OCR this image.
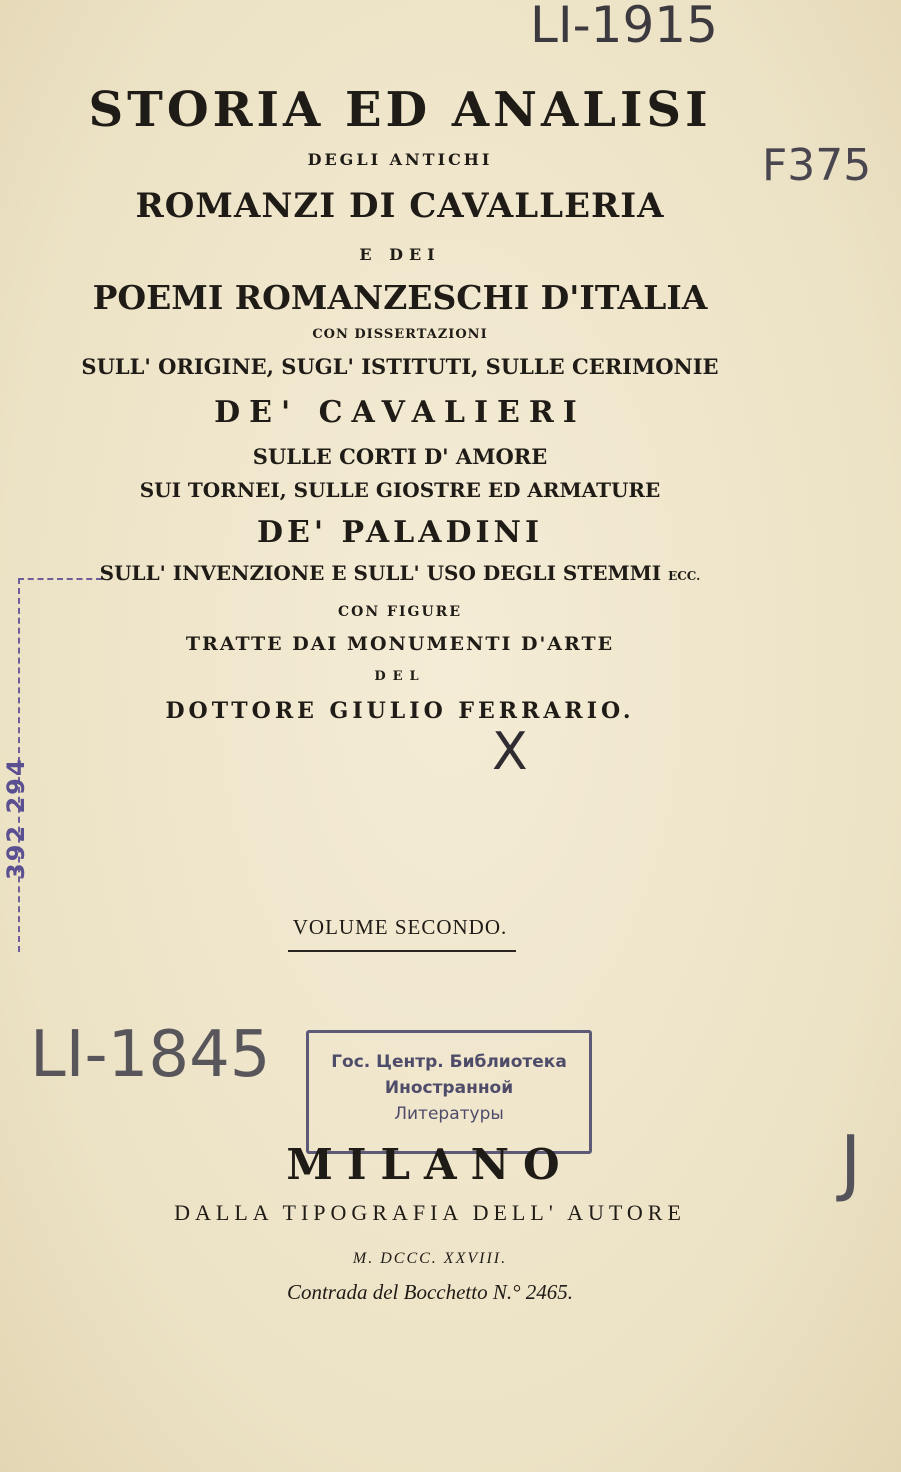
LI-1915
F375
LI-1845
J
X
392 294
STORIA ED ANALISI
DEGLI ANTICHI
ROMANZI DI CAVALLERIA
E DEI
POEMI ROMANZESCHI D'ITALIA
CON DISSERTAZIONI
SULL' ORIGINE, SUGL' ISTITUTI, SULLE CERIMONIE
DE' CAVALIERI
SULLE CORTI D' AMORE
SUI TORNEI, SULLE GIOSTRE ED ARMATURE
DE' PALADINI
SULL' INVENZIONE E SULL' USO DEGLI STEMMI ECC.
CON FIGURE
TRATTE DAI MONUMENTI D'ARTE
DEL
DOTTORE GIULIO FERRARIO.
VOLUME SECONDO.
Гос. Центр. Библиотека
Иностранной
Литературы
MILANO
DALLA TIPOGRAFIA DELL' AUTORE
M. DCCC. XXVIII.
Contrada del Bocchetto N.° 2465.
